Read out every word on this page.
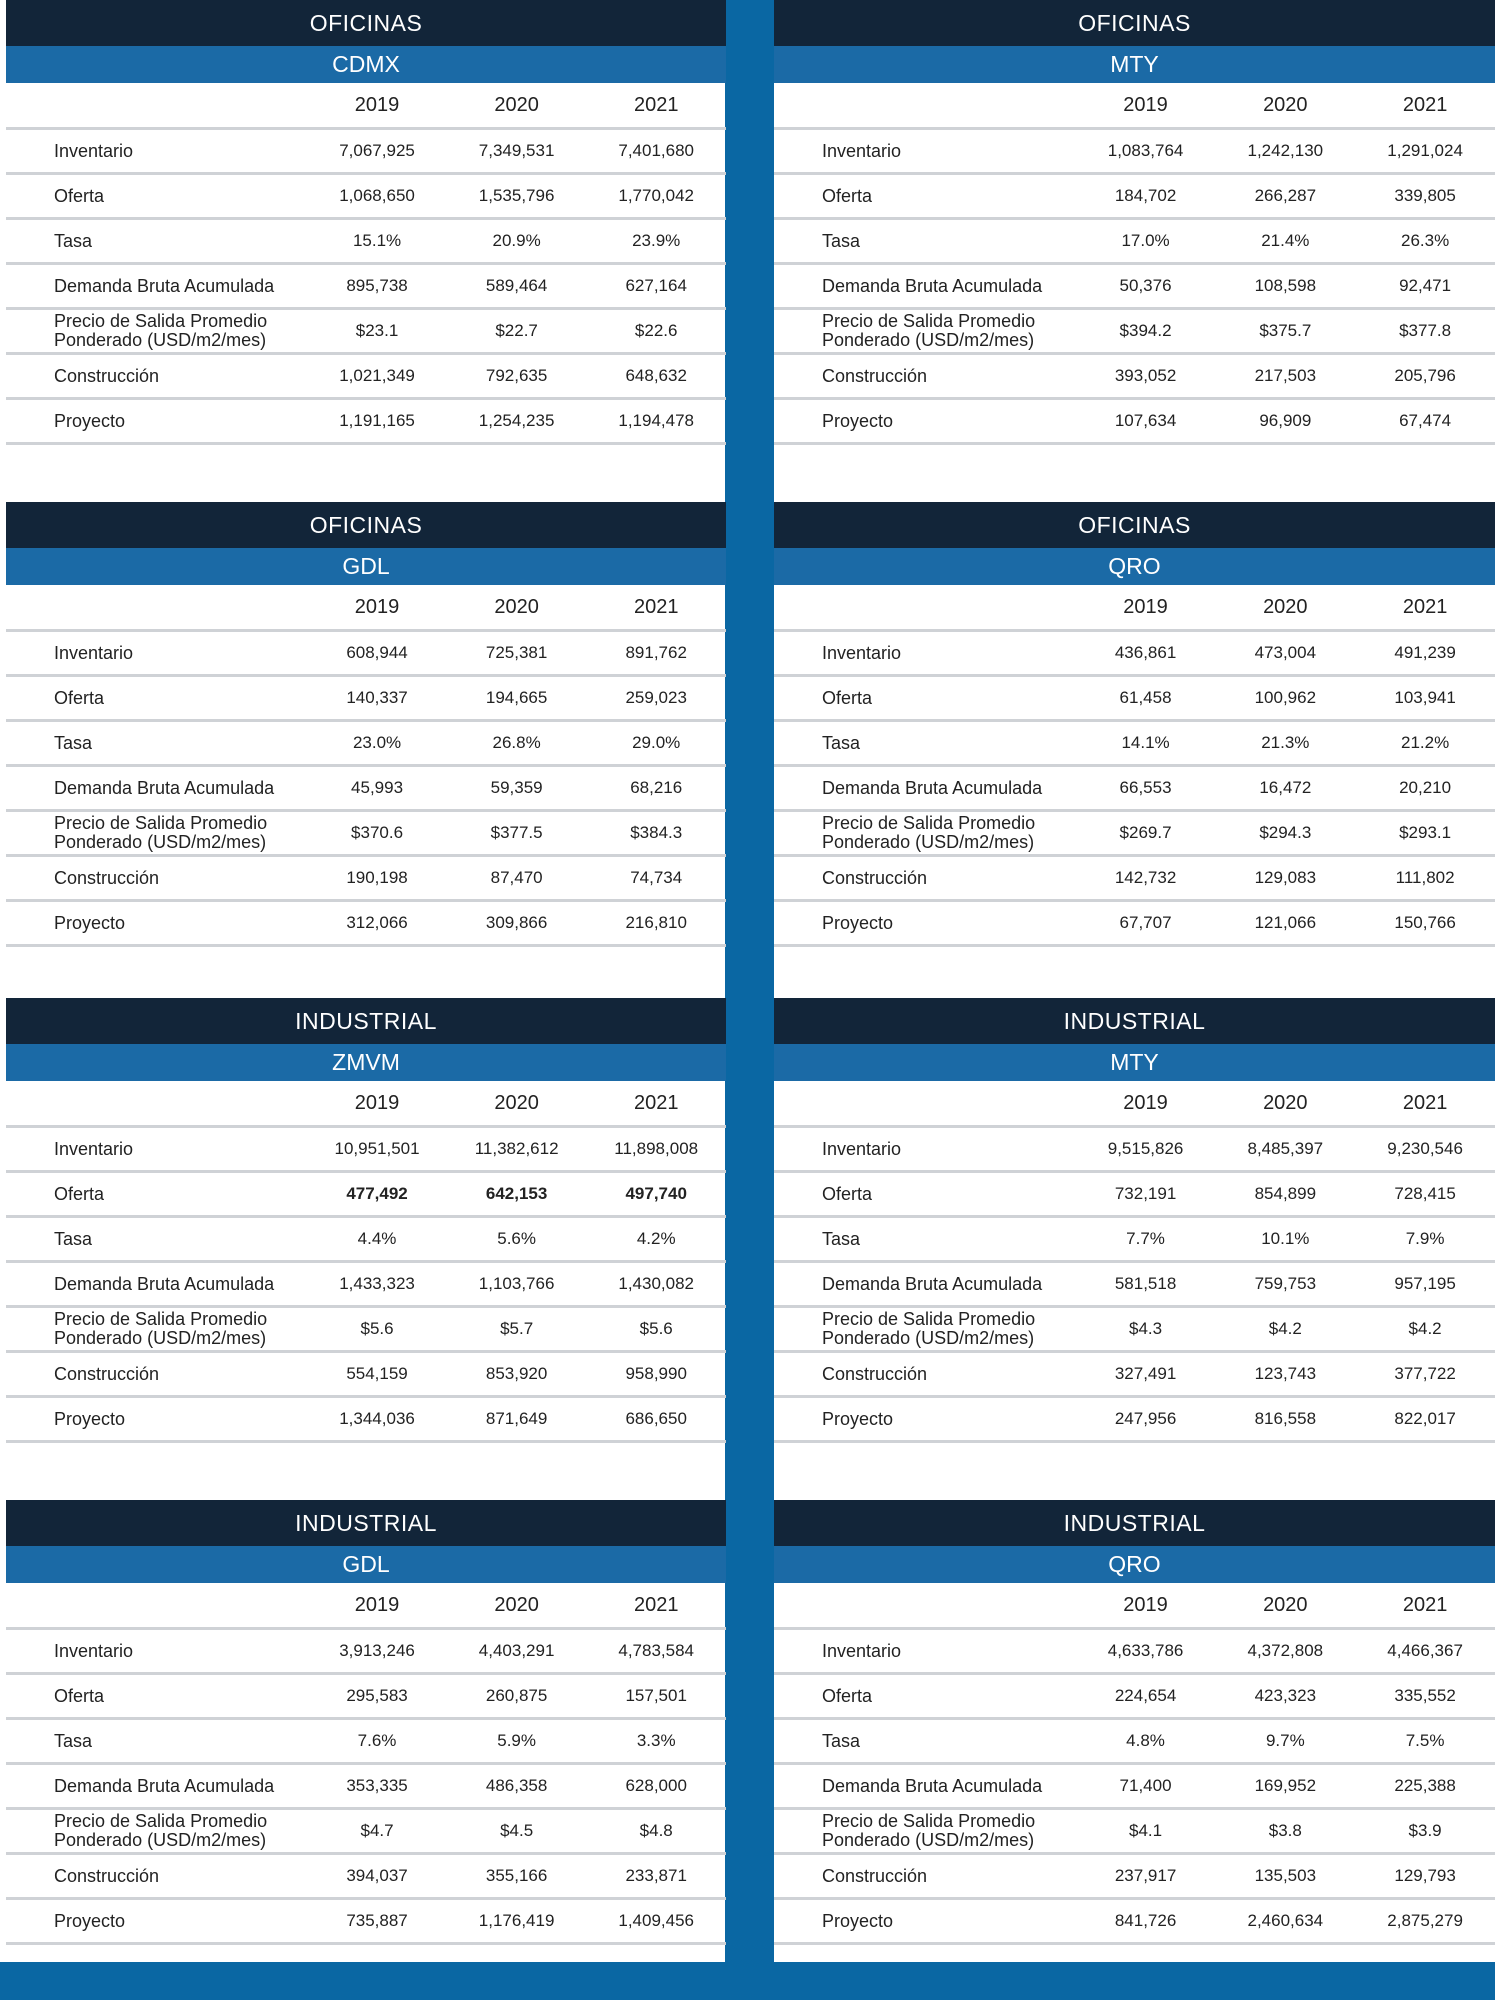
OFICINAS
CDMX
	2019	2020	2021
Inventario	7,067,925	7,349,531	7,401,680
Oferta	1,068,650	1,535,796	1,770,042
Tasa	15.1%	20.9%	23.9%
Demanda Bruta Acumulada	895,738	589,464	627,164

Precio de Salida Promedio
Ponderado (USD/m2/mes)	$23.1	$22.7	$22.6
Construcción	1,021,349	792,635	648,632
Proyecto	1,191,165	1,254,235	1,194,478
OFICINAS
MTY
	2019	2020	2021
Inventario	1,083,764	1,242,130	1,291,024
Oferta	184,702	266,287	339,805
Tasa	17.0%	21.4%	26.3%
Demanda Bruta Acumulada	50,376	108,598	92,471

Precio de Salida Promedio
Ponderado (USD/m2/mes)	$394.2	$375.7	$377.8
Construcción	393,052	217,503	205,796
Proyecto	107,634	96,909	67,474
OFICINAS
GDL
	2019	2020	2021
Inventario	608,944	725,381	891,762
Oferta	140,337	194,665	259,023
Tasa	23.0%	26.8%	29.0%
Demanda Bruta Acumulada	45,993	59,359	68,216

Precio de Salida Promedio
Ponderado (USD/m2/mes)	$370.6	$377.5	$384.3
Construcción	190,198	87,470	74,734
Proyecto	312,066	309,866	216,810
OFICINAS
QRO
	2019	2020	2021
Inventario	436,861	473,004	491,239
Oferta	61,458	100,962	103,941
Tasa	14.1%	21.3%	21.2%
Demanda Bruta Acumulada	66,553	16,472	20,210

Precio de Salida Promedio
Ponderado (USD/m2/mes)	$269.7	$294.3	$293.1
Construcción	142,732	129,083	111,802
Proyecto	67,707	121,066	150,766
INDUSTRIAL
ZMVM
	2019	2020	2021
Inventario	10,951,501	11,382,612	11,898,008
Oferta	477,492	642,153	497,740
Tasa	4.4%	5.6%	4.2%
Demanda Bruta Acumulada	1,433,323	1,103,766	1,430,082

Precio de Salida Promedio
Ponderado (USD/m2/mes)	$5.6	$5.7	$5.6
Construcción	554,159	853,920	958,990
Proyecto	1,344,036	871,649	686,650
INDUSTRIAL
MTY
	2019	2020	2021
Inventario	9,515,826	8,485,397	9,230,546
Oferta	732,191	854,899	728,415
Tasa	7.7%	10.1%	7.9%
Demanda Bruta Acumulada	581,518	759,753	957,195

Precio de Salida Promedio
Ponderado (USD/m2/mes)	$4.3	$4.2	$4.2
Construcción	327,491	123,743	377,722
Proyecto	247,956	816,558	822,017
INDUSTRIAL
GDL
	2019	2020	2021
Inventario	3,913,246	4,403,291	4,783,584
Oferta	295,583	260,875	157,501
Tasa	7.6%	5.9%	3.3%
Demanda Bruta Acumulada	353,335	486,358	628,000

Precio de Salida Promedio
Ponderado (USD/m2/mes)	$4.7	$4.5	$4.8
Construcción	394,037	355,166	233,871
Proyecto	735,887	1,176,419	1,409,456
INDUSTRIAL
QRO
	2019	2020	2021
Inventario	4,633,786	4,372,808	4,466,367
Oferta	224,654	423,323	335,552
Tasa	4.8%	9.7%	7.5%
Demanda Bruta Acumulada	71,400	169,952	225,388

Precio de Salida Promedio
Ponderado (USD/m2/mes)	$4.1	$3.8	$3.9
Construcción	237,917	135,503	129,793
Proyecto	841,726	2,460,634	2,875,279
